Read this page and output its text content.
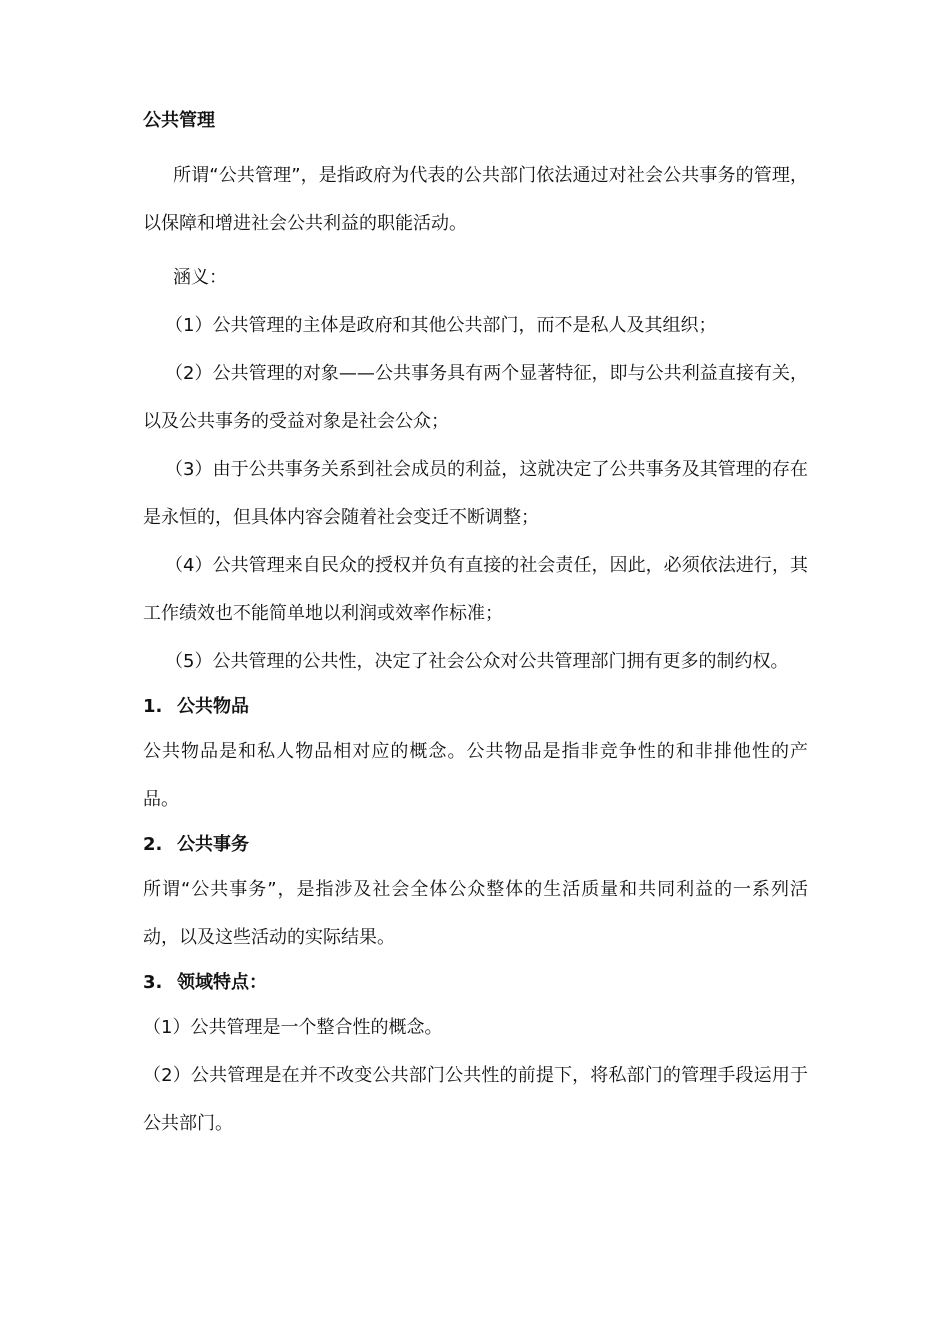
公共管理

所谓“公共管理”，是指政府为代表的公共部门依法通过对社会公共事务的管理，以保障和增进社会公共利益的职能活动。

涵义：

（1）公共管理的主体是政府和其他公共部门，而不是私人及其组织；

（2）公共管理的对象——公共事务具有两个显著特征，即与公共利益直接有关，以及公共事务的受益对象是社会公众；

（3）由于公共事务关系到社会成员的利益，这就决定了公共事务及其管理的存在是永恒的，但具体内容会随着社会变迁不断调整；

（4）公共管理来自民众的授权并负有直接的社会责任，因此，必须依法进行，其工作绩效也不能简单地以利润或效率作标准；

（5）公共管理的公共性，决定了社会公众对公共管理部门拥有更多的制约权。

1. 公共物品

公共物品是和私人物品相对应的概念。公共物品是指非竞争性的和非排他性的产品。

2. 公共事务

所谓“公共事务”，是指涉及社会全体公众整体的生活质量和共同利益的一系列活动，以及这些活动的实际结果。

3. 领域特点：

（1）公共管理是一个整合性的概念。

（2）公共管理是在并不改变公共部门公共性的前提下，将私部门的管理手段运用于公共部门。
